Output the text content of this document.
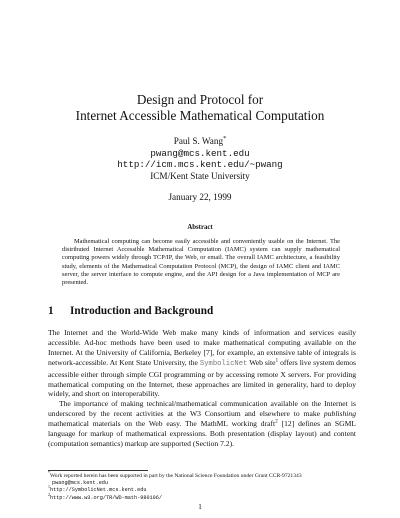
Design and Protocol for
Internet Accessible Mathematical Computation
Paul S. Wang*
pwang@mcs.kent.edu
http://icm.mcs.kent.edu/~pwang
ICM/Kent State University
January 22, 1999
Abstract

Mathematical computing can become easily accessible and conveniently usable on the Internet. The distributed Internet Accessible Mathematical Computation (IAMC) system can supply mathematical computing powers widely through TCP/IP, the Web, or email. The overall IAMC architecture, a feasibility study, elements of the Mathematical Computation Protocol (MCP), the design of IAMC client and IAMC server, the server interface to compute engine, and the API design for a Java implementation of MCP are presented.

1 Introduction and Background

The Internet and the World-Wide Web make many kinds of information and services easily accessible. Ad-hoc methods have been used to make mathematical computing available on the Internet. At the University of California, Berkeley [7], for example, an extensive table of integrals is network-accessible. At Kent State University, the SymbolicNet Web site$^1$ offers live system demos accessible either through simple CGI programming or by accessing remote X servers. For providing mathematical computing on the Internet, these approaches are limited in generality, hard to deploy widely, and short on interoperability.

The importance of making technical/mathematical communication available on the Internet is underscored by the recent activities at the W3 Consortium and elsewhere to make publishing mathematical materials on the Web easy. The MathML working draft$^2$ [12] defines an SGML language for markup of mathematical expressions. Both presentation (display layout) and content (computation semantics) markup are supported (Section 7.2).

*Work reported herein has been supported in part by the National Science Foundation under Grant CCR-9721343
pwang@mcs.kent.edu
$^1$http://SymbolicNet.mcs.kent.edu
$^2$http://www.w3.org/TR/WD-math-980106/
1
